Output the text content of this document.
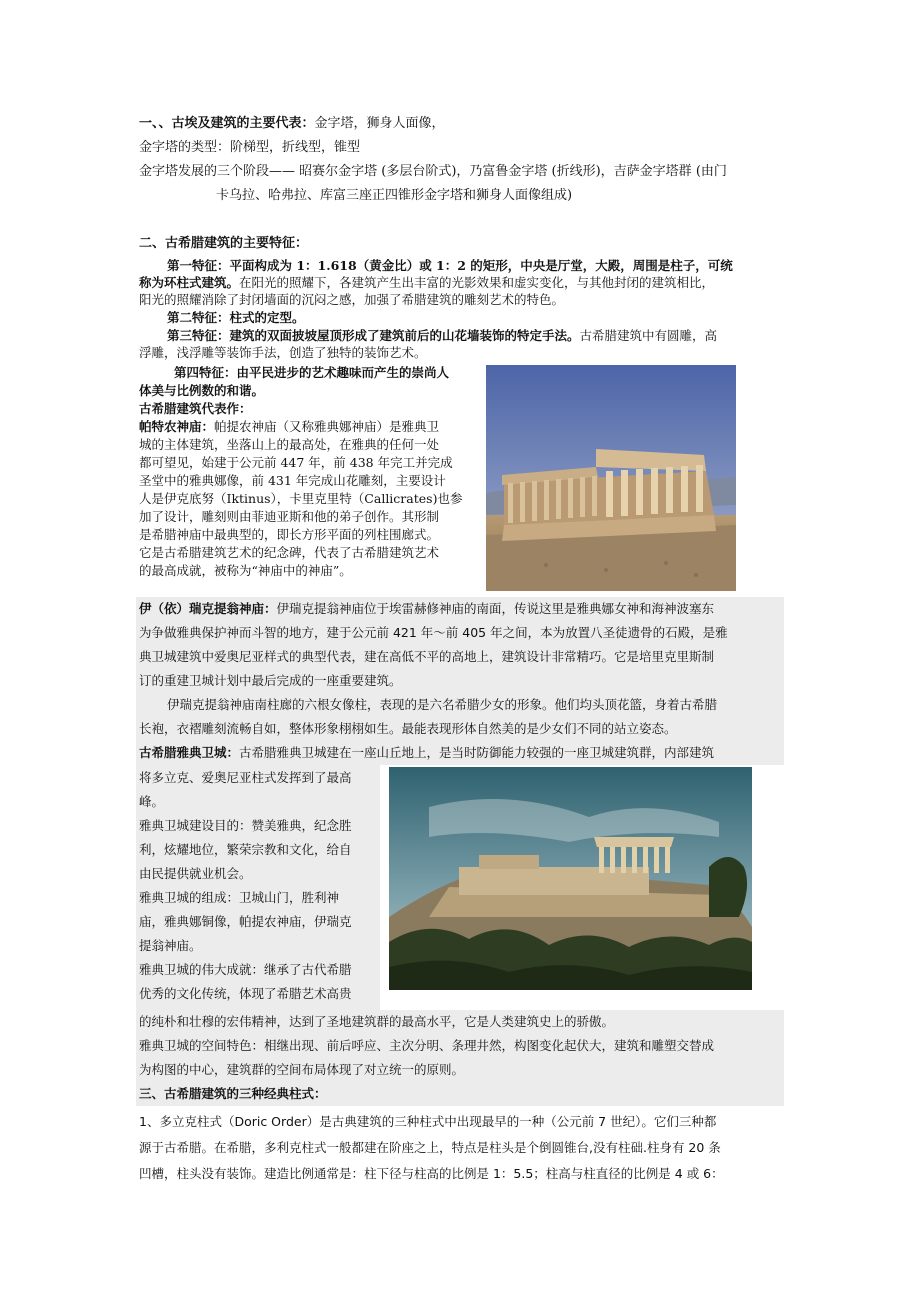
一、、古埃及建筑的主要代表：金字塔，狮身人面像，
金字塔的类型：阶梯型，折线型，锥型
金字塔发展的三个阶段—— 昭赛尔金字塔 (多层台阶式)，乃富鲁金字塔 (折线形)，吉萨金字塔群 (由门
卡乌拉、哈弗拉、库富三座正四锥形金字塔和狮身人面像组成)
二、古希腊建筑的主要特征：
第一特征：平面构成为 1：1.618（黄金比）或 1：2 的矩形，中央是厅堂，大殿，周围是柱子，可统
称为环柱式建筑。在阳光的照耀下，各建筑产生出丰富的光影效果和虚实变化，与其他封闭的建筑相比，
阳光的照耀消除了封闭墙面的沉闷之感，加强了希腊建筑的雕刻艺术的特色。
第二特征：柱式的定型。
第三特征：建筑的双面披坡屋顶形成了建筑前后的山花墙装饰的特定手法。古希腊建筑中有圆雕，高
浮雕，浅浮雕等装饰手法，创造了独特的装饰艺术。
第四特征：由平民进步的艺术趣味而产生的崇尚人
体美与比例数的和谐。
古希腊建筑代表作：
帕特农神庙：帕提农神庙（又称雅典娜神庙）是雅典卫
城的主体建筑，坐落山上的最高处，在雅典的任何一处
都可望见，始建于公元前 447 年，前 438 年完工并完成
圣堂中的雅典娜像，前 431 年完成山花雕刻，主要设计
人是伊克底努（Iktinus），卡里克里特（Callicrates)也参
加了设计，雕刻则由菲迪亚斯和他的弟子创作。其形制
是希腊神庙中最典型的，即长方形平面的列柱围廊式。
它是古希腊建筑艺术的纪念碑，代表了古希腊建筑艺术
的最高成就，被称为“神庙中的神庙”。
伊（依）瑞克提翁神庙：伊瑞克提翁神庙位于埃雷赫修神庙的南面，传说这里是雅典娜女神和海神波塞东
为争做雅典保护神而斗智的地方，建于公元前 421 年～前 405 年之间，本为放置八圣徒遗骨的石殿，是雅
典卫城建筑中爱奥尼亚样式的典型代表，建在高低不平的高地上，建筑设计非常精巧。它是培里克里斯制
订的重建卫城计划中最后完成的一座重要建筑。
伊瑞克提翁神庙南柱廊的六根女像柱，表现的是六名希腊少女的形象。他们均头顶花篮，身着古希腊
长袍，衣褶雕刻流畅自如，整体形象栩栩如生。最能表现形体自然美的是少女们不同的站立姿态。
古希腊雅典卫城：古希腊雅典卫城建在一座山丘地上，是当时防御能力较强的一座卫城建筑群，内部建筑
将多立克、爱奥尼亚柱式发挥到了最高
峰。
雅典卫城建设目的：赞美雅典，纪念胜
利，炫耀地位，繁荣宗教和文化，给自
由民提供就业机会。
雅典卫城的组成：卫城山门，胜利神
庙，雅典娜铜像，帕提农神庙，伊瑞克
提翁神庙。
雅典卫城的伟大成就：继承了古代希腊
优秀的文化传统，体现了希腊艺术高贵
的纯朴和壮穆的宏伟精神，达到了圣地建筑群的最高水平，它是人类建筑史上的骄傲。
雅典卫城的空间特色：相继出现、前后呼应、主次分明、条理井然，构图变化起伏大，建筑和雕塑交替成
为构图的中心，建筑群的空间布局体现了对立统一的原则。
三、古希腊建筑的三种经典柱式：
1、多立克柱式（Doric Order）是古典建筑的三种柱式中出现最早的一种（公元前 7 世纪）。它们三种都
源于古希腊。在希腊，多利克柱式一般都建在阶座之上，特点是柱头是个倒圆锥台,没有柱础.柱身有 20 条
凹槽，柱头没有装饰。建造比例通常是：柱下径与柱高的比例是 1：5.5；柱高与柱直径的比例是 4 或 6：
